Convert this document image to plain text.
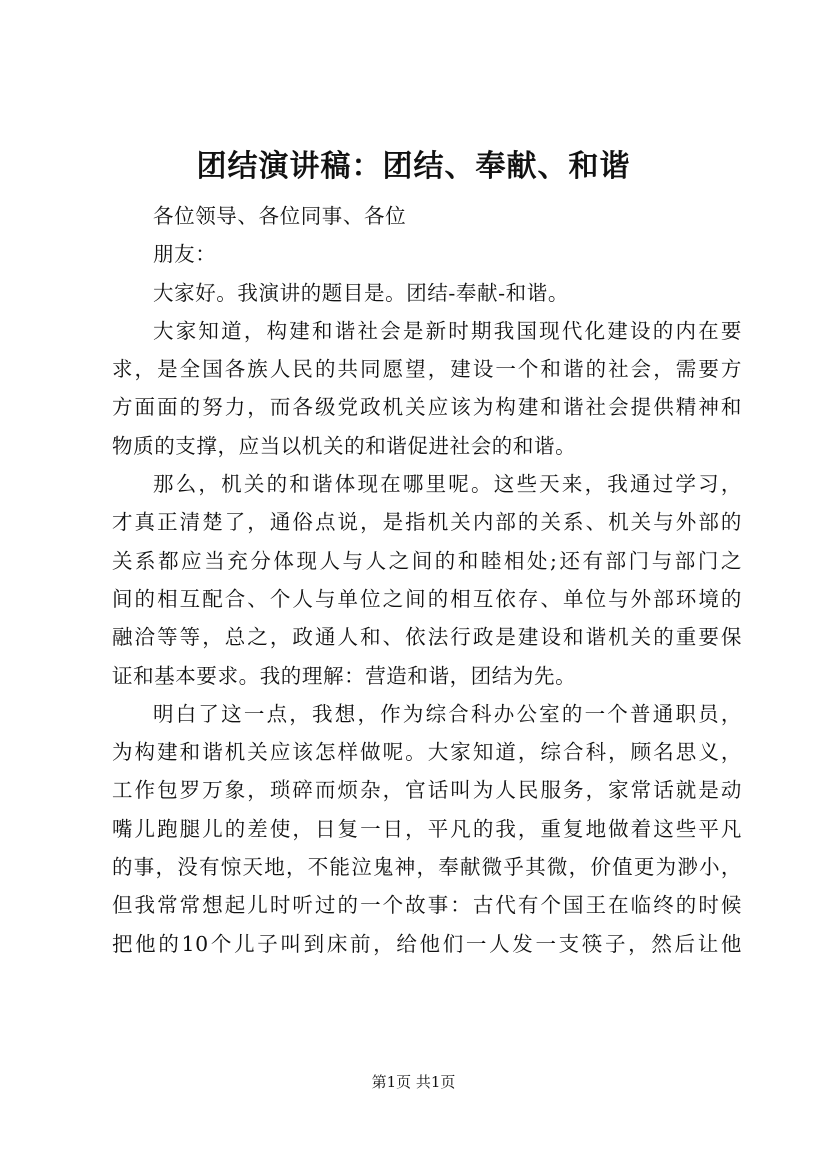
团结演讲稿：团结、奉献、和谐

各位领导、各位同事、各位

朋友：

大家好。我演讲的题目是。团结-奉献-和谐。

大家知道，构建和谐社会是新时期我国现代化建设的内在要
求，是全国各族人民的共同愿望，建设一个和谐的社会，需要方
方面面的努力，而各级党政机关应该为构建和谐社会提供精神和
物质的支撑，应当以机关的和谐促进社会的和谐。

那么，机关的和谐体现在哪里呢。这些天来，我通过学习，
才真正清楚了，通俗点说，是指机关内部的关系、机关与外部的
关系都应当充分体现人与人之间的和睦相处;还有部门与部门之
间的相互配合、个人与单位之间的相互依存、单位与外部环境的
融洽等等，总之，政通人和、依法行政是建设和谐机关的重要保
证和基本要求。我的理解：营造和谐，团结为先。

明白了这一点，我想，作为综合科办公室的一个普通职员，
为构建和谐机关应该怎样做呢。大家知道，综合科，顾名思义，
工作包罗万象，琐碎而烦杂，官话叫为人民服务，家常话就是动
嘴儿跑腿儿的差使，日复一日，平凡的我，重复地做着这些平凡
的事，没有惊天地，不能泣鬼神，奉献微乎其微，价值更为渺小，
但我常常想起儿时听过的一个故事：古代有个国王在临终的时候
把他的10个儿子叫到床前，给他们一人发一支筷子，然后让他

第1页 共1页
